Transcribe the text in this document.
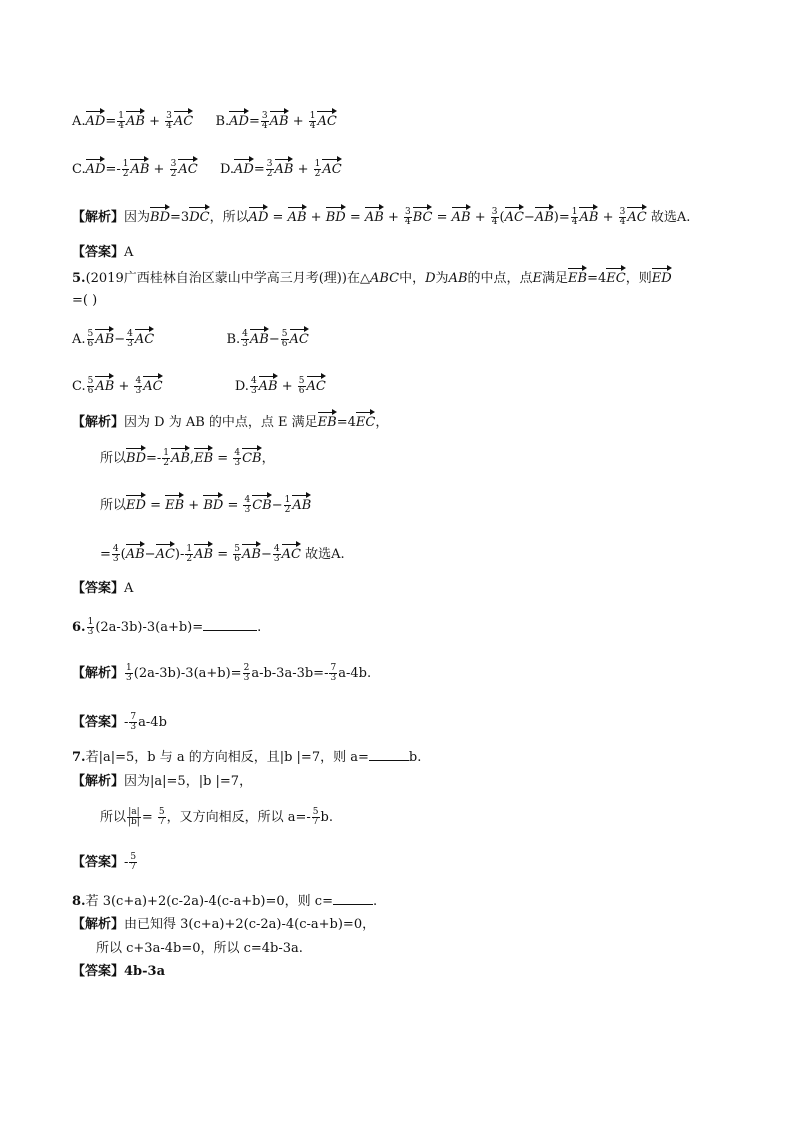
$A.AD= \frac{1}{4}$ AB + $\frac{3}{4}$ AC $B.AD= \frac{3}{4}$ AB + $\frac{1}{4}$ AC
$C.AD=- \frac{1}{2}$ AB + $\frac{3}{2}$ AC $D.AD= \frac{3}{2}$ AB + $\frac{1}{2}$ AC
【解析】因为BD=3DC，所以AD = AB + BD = AB + $\frac{3}{4}$ BC = AB + $\frac{3}{4} (AC-AB)= \frac{1}{4}$ AB + $\frac{3}{4}$ AC 故选A.
【答案】A
5.(2019广西桂林自治区蒙山中学高三月考(理))在△ABC中，D为AB的中点，点E满足EB=4EC，则ED
=( )
A. $\frac{5}{6} AB- \frac{4}{3}$ AC	B. $\frac{4}{3} AB- \frac{5}{6}$ AC
C. $\frac{5}{6}$ AB + $\frac{4}{3}$ AC	D. $\frac{4}{3}$ AB + $\frac{5}{6}$ AC
【解析】因为 D 为 AB 的中点，点 E 满足EB=4EC，
所以$BD=- \frac{1}{2} AB,EB = \frac{4}{3}$ CB，
所以ED = EB + BD = $\frac{4}{3} CB- \frac{1}{2}$ AB
= $\frac{4}{3} (AB-AC)- \frac{1}{2}$ AB = $\frac{5}{6} AB- \frac{4}{3}$ AC 故选A.
【答案】A
6. $\frac{1}{3} (2a-3b)-3(a+b)=$	.
【解析】 $\frac{1}{3} (2a-3b)-3(a+b)= \frac{2}{3} a-b-3a-3b=- \frac{7}{3} a-4b$.
【答案】- $\frac{7}{3} a-4b$
7.若|a|=5，b 与 a 的方向相反，且|b |=7，则 a=	b.
【解析】因为|a|=5，|b |=7，
所以 $\frac{|a|}{|b|} = \frac{5}{7}$ ，又方向相反，所以 $a=- \frac{5}{7} b$.
【答案】- $\frac{5}{7}$
8.若 3(c+a)+2(c-2a)-4(c-a+b)=0，则 c=	.
【解析】由已知得 3(c+a)+2(c-2a)-4(c-a+b)=0，
所以 c+3a-4b=0，所以 c=4b-3a.
【答案】4b-3a
